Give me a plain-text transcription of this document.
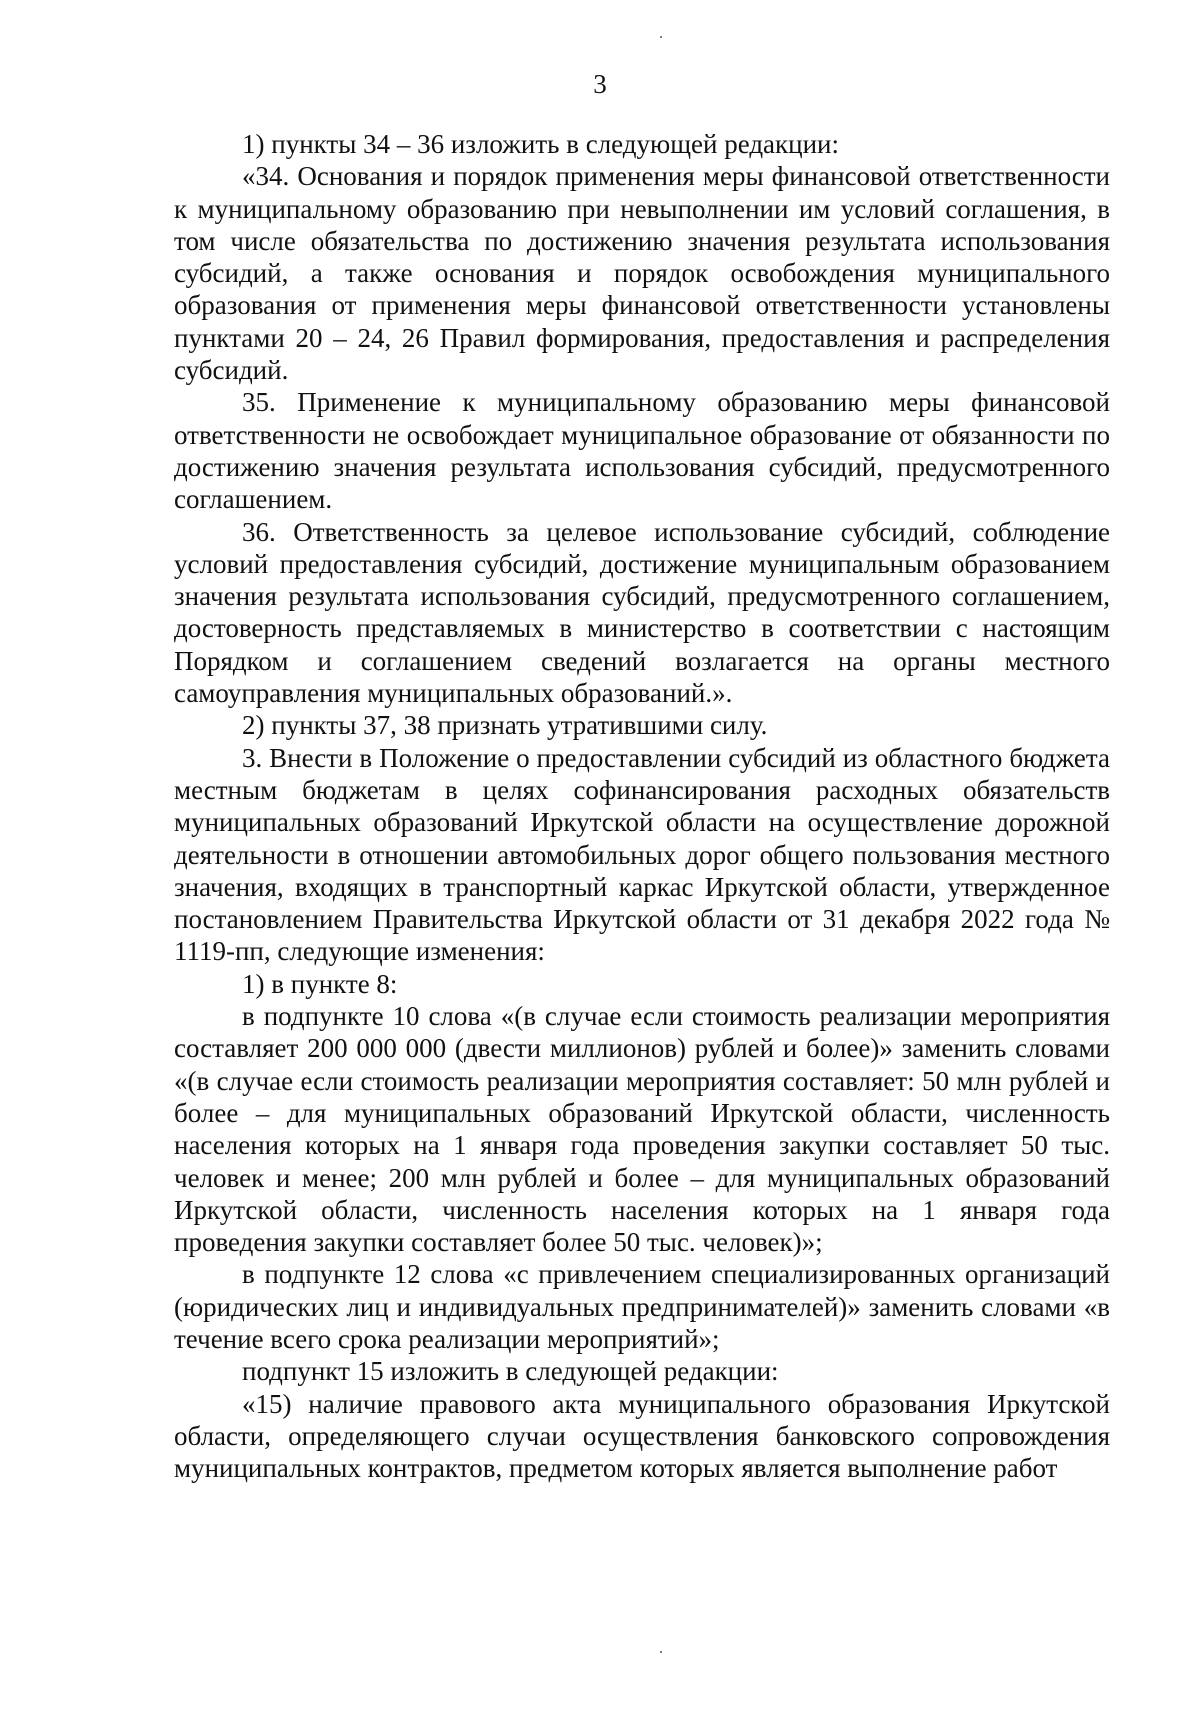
3

1) пункты 34 – 36 изложить в следующей редакции:

«34. Основания и порядок применения меры финансовой ответственности к муниципальному образованию при невыполнении им условий соглашения, в том числе обязательства по достижению значения результата использования субсидий, а также основания и порядок освобождения муниципального образования от применения меры финансовой ответственности установлены пунктами 20 – 24, 26 Правил формирования, предоставления и распределения субсидий.

35. Применение к муниципальному образованию меры финансовой ответственности не освобождает муниципальное образование от обязанности по достижению значения результата использования субсидий, предусмотренного соглашением.

36. Ответственность за целевое использование субсидий, соблюдение условий предоставления субсидий, достижение муниципальным образованием значения результата использования субсидий, предусмотренного соглашением, достоверность представляемых в министерство в соответствии с настоящим Порядком и соглашением сведений возлагается на органы местного самоуправления муниципальных образований.».

2) пункты 37, 38 признать утратившими силу.

3. Внести в Положение о предоставлении субсидий из областного бюджета местным бюджетам в целях софинансирования расходных обязательств муниципальных образований Иркутской области на осуществление дорожной деятельности в отношении автомобильных дорог общего пользования местного значения, входящих в транспортный каркас Иркутской области, утвержденное постановлением Правительства Иркутской области от 31 декабря 2022 года № 1119-пп, следующие изменения:

1) в пункте 8:

в подпункте 10 слова «(в случае если стоимость реализации мероприятия составляет 200 000 000 (двести миллионов) рублей и более)» заменить словами «(в случае если стоимость реализации мероприятия составляет: 50 млн рублей и более – для муниципальных образований Иркутской области, численность населения которых на 1 января года проведения закупки составляет 50 тыс. человек и менее; 200 млн рублей и более – для муниципальных образований Иркутской области, численность населения которых на 1 января года проведения закупки составляет более 50 тыс. человек)»;

в подпункте 12 слова «с привлечением специализированных организаций (юридических лиц и индивидуальных предпринимателей)» заменить словами «в течение всего срока реализации мероприятий»;

подпункт 15 изложить в следующей редакции:

«15) наличие правового акта муниципального образования Иркутской области, определяющего случаи осуществления банковского сопровождения муниципальных контрактов, предметом которых является выполнение работ
